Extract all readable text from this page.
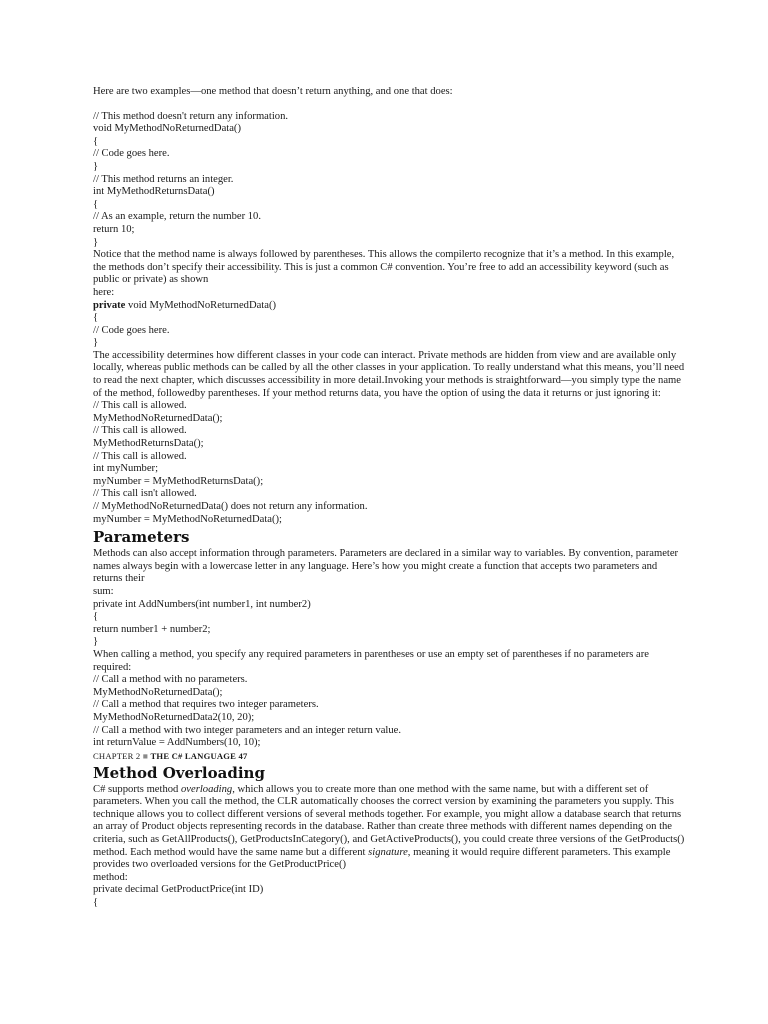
Here are two examples—one method that doesn’t return anything, and one that does:
// This method doesn't return any information.
void MyMethodNoReturnedData()
{
// Code goes here.
}
// This method returns an integer.
int MyMethodReturnsData()
{
// As an example, return the number 10.
return 10;
}
Notice that the method name is always followed by parentheses. This allows the compilerto recognize that it’s a method. In this example, the methods don’t specify their accessibility. This is just a common C# convention. You’re free to add an accessibility keyword (such as public or private) as shown
here:
private void MyMethodNoReturnedData()
{
// Code goes here.
}
The accessibility determines how different classes in your code can interact. Private methods are hidden from view and are available only locally, whereas public methods can be called by all the other classes in your application. To really understand what this means, you’ll need to read the next chapter, which discusses accessibility in more detail.Invoking your methods is straightforward—you simply type the name of the method, followedby parentheses. If your method returns data, you have the option of using the data it returns or just ignoring it:
// This call is allowed.
MyMethodNoReturnedData();
// This call is allowed.
MyMethodReturnsData();
// This call is allowed.
int myNumber;
myNumber = MyMethodReturnsData();
// This call isn't allowed.
// MyMethodNoReturnedData() does not return any information.
myNumber = MyMethodNoReturnedData();
Parameters
Methods can also accept information through parameters. Parameters are declared in a similar way to variables. By convention, parameter names always begin with a lowercase letter in any language. Here’s how you might create a function that accepts two parameters and returns their
sum:
private int AddNumbers(int number1, int number2)
{
return number1 + number2;
}
When calling a method, you specify any required parameters in parentheses or use an empty set of parentheses if no parameters are required:
// Call a method with no parameters.
MyMethodNoReturnedData();
// Call a method that requires two integer parameters.
MyMethodNoReturnedData2(10, 20);
// Call a method with two integer parameters and an integer return value.
int returnValue = AddNumbers(10, 10);
CHAPTER 2 ■ THE C# LANGUAGE 47
Method Overloading
C# supports method overloading, which allows you to create more than one method with the same name, but with a different set of parameters. When you call the method, the CLR automatically chooses the correct version by examining the parameters you supply. This technique allows you to collect different versions of several methods together. For example, you might allow a database search that returns an array of Product objects representing records in the database. Rather than create three methods with different names depending on the criteria, such as GetAllProducts(), GetProductsInCategory(), and GetActiveProducts(), you could create three versions of the GetProducts() method. Each method would have the same name but a different signature, meaning it would require different parameters. This example provides two overloaded versions for the GetProductPrice()
method:
private decimal GetProductPrice(int ID)
{
